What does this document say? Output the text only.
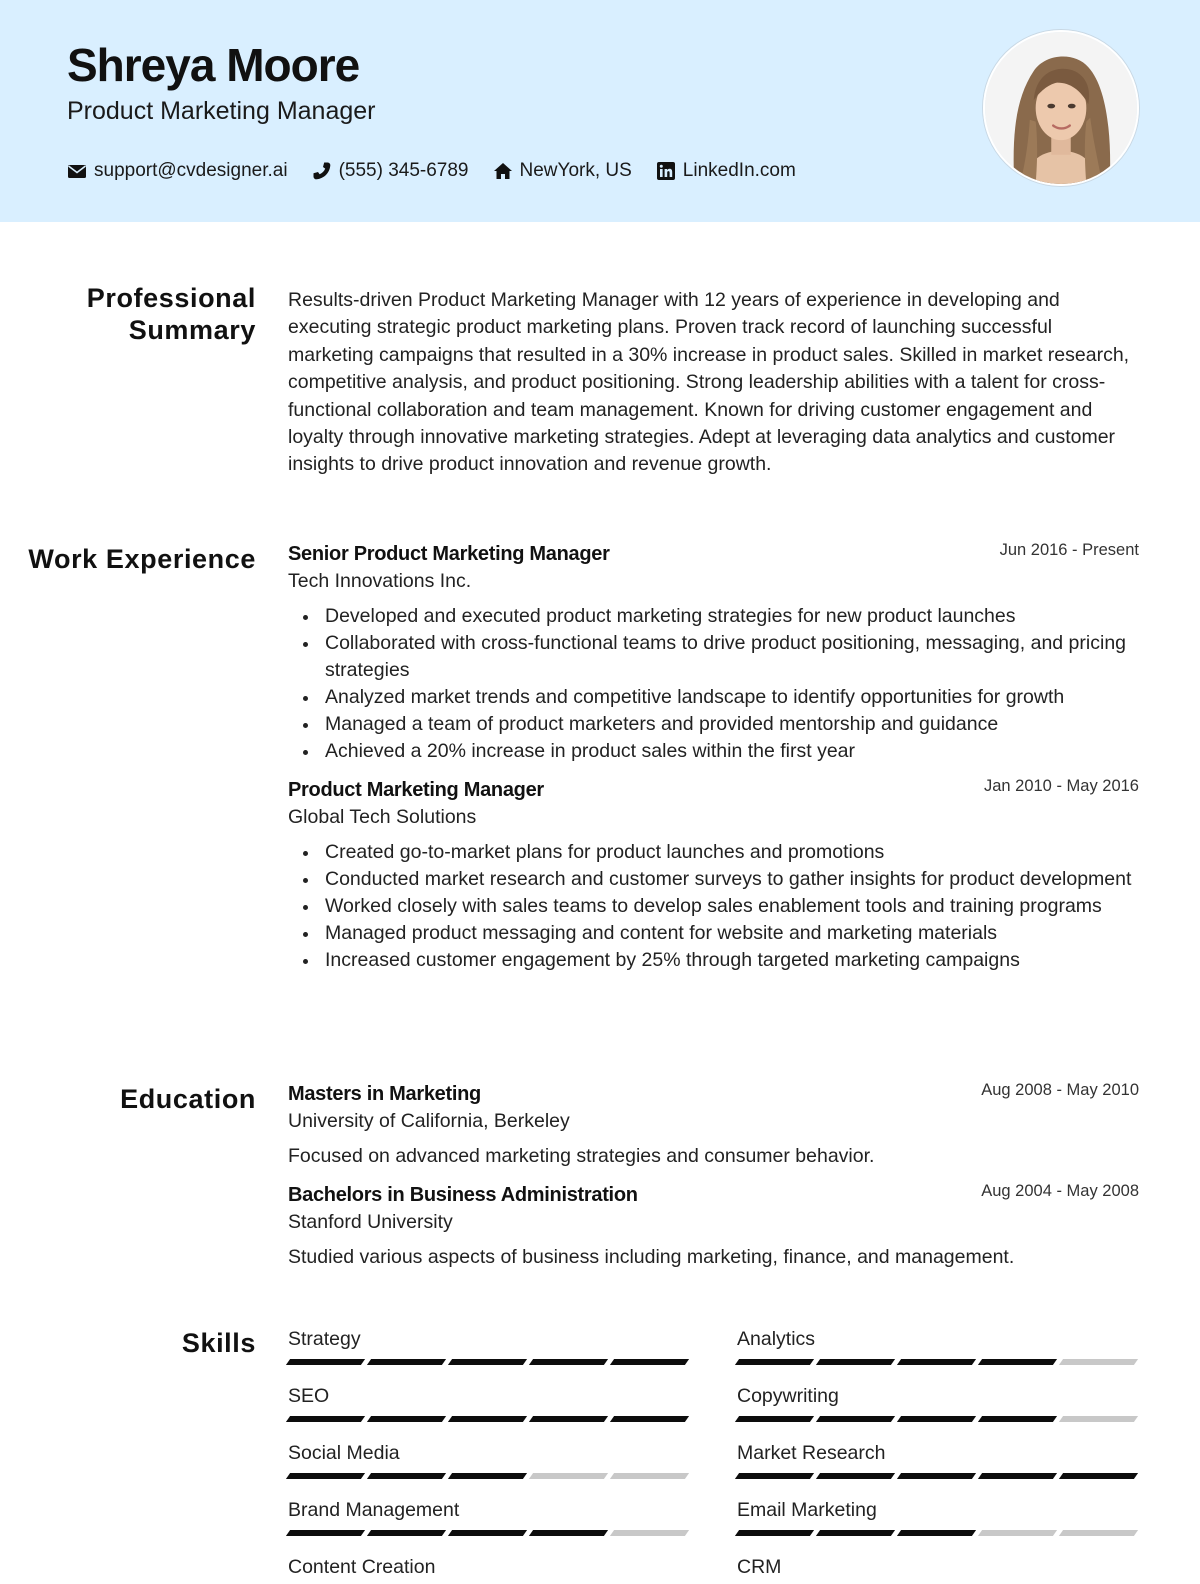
Shreya Moore
Product Marketing Manager
support@cvdesigner.ai	(555) 345-6789	NewYork, US	LinkedIn.com
Professional Summary

Results-driven Product Marketing Manager with 12 years of experience in developing and executing strategic product marketing plans. Proven track record of launching successful marketing campaigns that resulted in a 30% increase in product sales. Skilled in market research, competitive analysis, and product positioning. Strong leadership abilities with a talent for cross-functional collaboration and team management. Known for driving customer engagement and loyalty through innovative marketing strategies. Adept at leveraging data analytics and customer insights to drive product innovation and revenue growth.

Work Experience Senior Product Marketing Manager	Jun 2016 - Present
Tech Innovations Inc.
Developed and executed product marketing strategies for new product launches
Collaborated with cross-functional teams to drive product positioning, messaging, and pricing strategies
Analyzed market trends and competitive landscape to identify opportunities for growth
Managed a team of product marketers and provided mentorship and guidance
Achieved a 20% increase in product sales within the first year
Product Marketing Manager	Jan 2010 - May 2016
Global Tech Solutions
Created go-to-market plans for product launches and promotions
Conducted market research and customer surveys to gather insights for product development
Worked closely with sales teams to develop sales enablement tools and training programs
Managed product messaging and content for website and marketing materials
Increased customer engagement by 25% through targeted marketing campaigns
Education Masters in Marketing	Aug 2008 - May 2010
University of California, Berkeley
Focused on advanced marketing strategies and consumer behavior.
Bachelors in Business Administration	Aug 2004 - May 2008
Stanford University
Studied various aspects of business including marketing, finance, and management.
Skills Strategy	Analytics
SEO	Copywriting
Social Media	Market Research
Brand Management	Email Marketing
Content Creation	CRM
